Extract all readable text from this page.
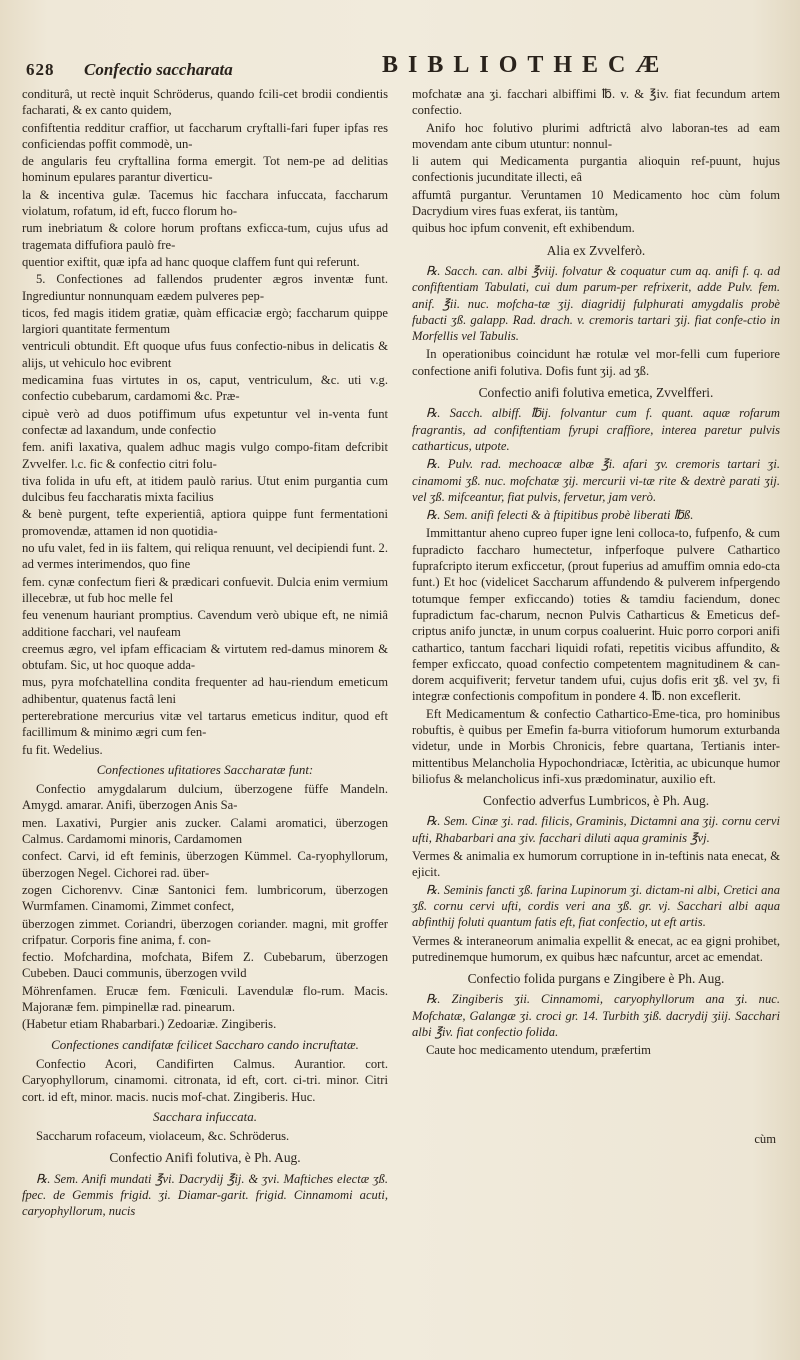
628 Confectio saccharata	BIBLIOTHECÆ

conditurâ, ut rectè inquit Schröderus, quando fcili-cet brodii condientis facharati, & ex canto quidem,

confiftentia redditur craffior, ut faccharum cryftalli-fari fuper ipfas res conficiendas poffit commodè, un-

de angularis feu cryftallina forma emergit. Tot nem-pe ad delitias hominum epulares parantur diverticu-

la & incentiva gulæ. Tacemus hic facchara infuccata, faccharum violatum, rofatum, id eft, fucco florum ho-

rum inebriatum & colore horum proftans exficca-tum, cujus ufus ad tragemata diffufiora paulò fre-

quentior exiftit, quæ ipfa ad hanc quoque claffem funt qui referunt.

5. Confectiones ad fallendos prudenter ægros inventæ funt. Ingrediuntur nonnunquam eædem pulveres pep-

ticos, fed magis itidem gratiæ, quàm efficaciæ ergò; faccharum quippe largiori quantitate fermentum

ventriculi obtundit. Eft quoque ufus fuus confectio-nibus in delicatis & alijs, ut vehiculo hoc evibrent

medicamina fuas virtutes in os, caput, ventriculum, &c. uti v.g. confectio cubebarum, cardamomi &c. Præ-

cipuè verò ad duos potiffimum ufus expetuntur vel in-venta funt confectæ ad laxandum, unde confectio

fem. anifi laxativa, qualem adhuc magis vulgo compo-fitam defcribit Zvvelfer. l.c. fic & confectio citri folu-

tiva folida in ufu eft, at itidem paulò rarius. Utut enim purgantia cum dulcibus feu faccharatis mixta facilius

& benè purgent, tefte experientiâ, aptiora quippe funt fermentationi promovendæ, attamen id non quotidia-

no ufu valet, fed in iis faltem, qui reliqua renuunt, vel decipiendi funt. 2. ad vermes interimendos, quo fine

fem. cynæ confectum fieri & prædicari confuevit. Dulcia enim vermium illecebræ, ut fub hoc melle fel

feu venenum hauriant promptius. Cavendum verò ubique eft, ne nimiâ additione facchari, vel naufeam

creemus ægro, vel ipfam efficaciam & virtutem red-damus minorem & obtufam. Sic, ut hoc quoque adda-

mus, pyra mofchatellina condita frequenter ad hau-riendum emeticum adhibentur, quatenus factâ leni

perterebratione mercurius vitæ vel tartarus emeticus inditur, quod eft facillimum & minimo ægri cum fen-

fu fit. Wedelius.

Confectiones ufitatiores Saccharatæ funt:

Confectio amygdalarum dulcium, überzogene füffe Mandeln. Amygd. amarar. Anifi, überzogen Anis Sa-

men. Laxativi, Purgier anis zucker. Calami aromatici, überzogen Calmus. Cardamomi minoris, Cardamomen

confect. Carvi, id eft feminis, überzogen Kümmel. Ca-ryophyllorum, überzogen Negel. Cichorei rad. über-

zogen Cichorenvv. Cinæ Santonici fem. lumbricorum, überzogen Wurmfamen. Cinamomi, Zimmet confect,

überzogen zimmet. Coriandri, überzogen coriander. magni, mit groffer crifpatur. Corporis fine anima, f. con-

fectio. Mofchardina, mofchata, Bifem Z. Cubebarum, überzogen Cubeben. Dauci communis, überzogen vvild

Möhrenfamen. Erucæ fem. Fœniculi. Lavendulæ flo-rum. Macis. Majoranæ fem. pimpinellæ rad. pinearum.

(Habetur etiam Rhabarbari.) Zedoariæ. Zingiberis.

Confectiones candifatæ fcilicet Saccharo cando incruftatæ.

Confectio Acori, Candifirten Calmus. Aurantior. cort. Caryophyllorum, cinamomi. citronata, id eft, cort. ci-tri. minor. Citri cort. id eft, minor. macis. nucis mof-chat. Zingiberis. Huc.

Sacchara infuccata.

Saccharum rofaceum, violaceum, &c. Schröderus.

Confectio Anifi folutiva, è Ph. Aug.

℞. Sem. Anifi mundati ℥vi. Dacrydij ℥ij. & ʒvi. Maftiches electæ ʒß. fpec. de Gemmis frigid. ʒi. Diamar-garit. frigid. Cinnamomi acuti, caryophyllorum, nucis

mofchatæ ana ʒi. facchari albiffimi ℔. v. & ℥iv. fiat fecundum artem confectio.

Anifo hoc folutivo plurimi adftrictâ alvo laboran-tes ad eam movendam ante cibum utuntur: nonnul-

li autem qui Medicamenta purgantia alioquin ref-puunt, hujus confectionis jucunditate illecti, eâ

affumtâ purgantur. Veruntamen 10 Medicamento hoc cùm folum Dacrydium vires fuas exferat, iis tantùm,

quibus hoc ipfum convenit, eft exhibendum.

Alia ex Zvvelferò.

℞. Sacch. can. albi ℥viij. folvatur & coquatur cum aq. anifi f. q. ad confiftentiam Tabulati, cui dum parum-per refrixerit, adde Pulv. fem. anif. ℥ii. nuc. mofcha-tæ ʒij. diagridij fulphurati amygdalis probè fubacti ʒß. galapp. Rad. drach. v. cremoris tartari ʒij. fiat confe-ctio in Morfellis vel Tabulis.

In operationibus coincidunt hæ rotulæ vel mor-felli cum fuperiore confectione anifi folutiva. Dofis funt ʒij. ad ʒß.

Confectio anifi folutiva emetica, Zvvelfferi.

℞. Sacch. albiff. ℔ij. folvantur cum f. quant. aquæ rofarum fragrantis, ad confiftentiam fyrupi craffiore, interea paretur pulvis catharticus, utpote.

℞. Pulv. rad. mechoacæ albæ ℥i. afari ʒv. cremoris tartari ʒi. cinamomi ʒß. nuc. mofchatæ ʒij. mercurii vi-tæ rite & dextrè parati ʒij. vel ʒß. mifceantur, fiat pulvis, fervetur, jam verò.

℞. Sem. anifi felecti & à ftipitibus probè liberati ℔ß.

Immittantur aheno cupreo fuper igne leni colloca-to, fufpenfo, & cum fupradicto faccharo humectetur, infperfoque pulvere Cathartico fuprafcripto iterum exficcetur, (prout fuperius ad amuffim omnia edo-cta funt.) Et hoc (videlicet Saccharum affundendo & pulverem infpergendo totumque femper exficcando) toties & tamdiu faciendum, donec fupradictum fac-charum, necnon Pulvis Catharticus & Emeticus def-criptus anifo junctæ, in unum corpus coaluerint. Huic porro corpori anifi cathartico, tantum facchari liquidi rofati, repetitis vicibus affundito, & femper exficcato, quoad confectio competentem magnitudinem & can-dorem acquifiverit; fervetur tandem ufui, cujus dofis erit ʒß. vel ʒv, fi integræ confectionis compofitum in pondere 4. ℔. non exceflerit.

Eft Medicamentum & confectio Cathartico-Eme-tica, pro hominibus robuftis, è quibus per Emefin fa-burra vitioforum humorum exturbanda videtur, unde in Morbis Chronicis, febre quartana, Tertianis inter-mittentibus Melancholia Hypochondriacæ, Ictèritia, ac ubicunque humor biliofus & melancholicus infi-xus prædominatur, auxilio eft.

Confectio adverfus Lumbricos, è Ph. Aug.

℞. Sem. Cinæ ʒi. rad. filicis, Graminis, Dictamni ana ʒij. cornu cervi ufti, Rhabarbari ana ʒiv. facchari diluti aqua graminis ℥vj.

Vermes & animalia ex humorum corruptione in in-teftinis nata enecat, & ejicit.

℞. Seminis fancti ʒß. farina Lupinorum ʒi. dictam-ni albi, Cretici ana ʒß. cornu cervi ufti, cordis veri ana ʒß. gr. vj. Sacchari albi aqua abfinthij foluti quantum fatis eft, fiat confectio, ut eft artis.

Vermes & interaneorum animalia expellit & enecat, ac ea gigni prohibet, putredinemque humorum, ex quibus hæc nafcuntur, arcet ac emendat.

Confectio folida purgans e Zingibere è Ph. Aug.

℞. Zingiberis ʒii. Cinnamomi, caryophyllorum ana ʒi. nuc. Mofchatæ, Galangæ ʒi. croci gr. 14. Turbith ʒiß. dacrydij ʒiij. Sacchari albi ℥iv. fiat confectio folida.

Caute hoc medicamento utendum, præfertim

cùm
